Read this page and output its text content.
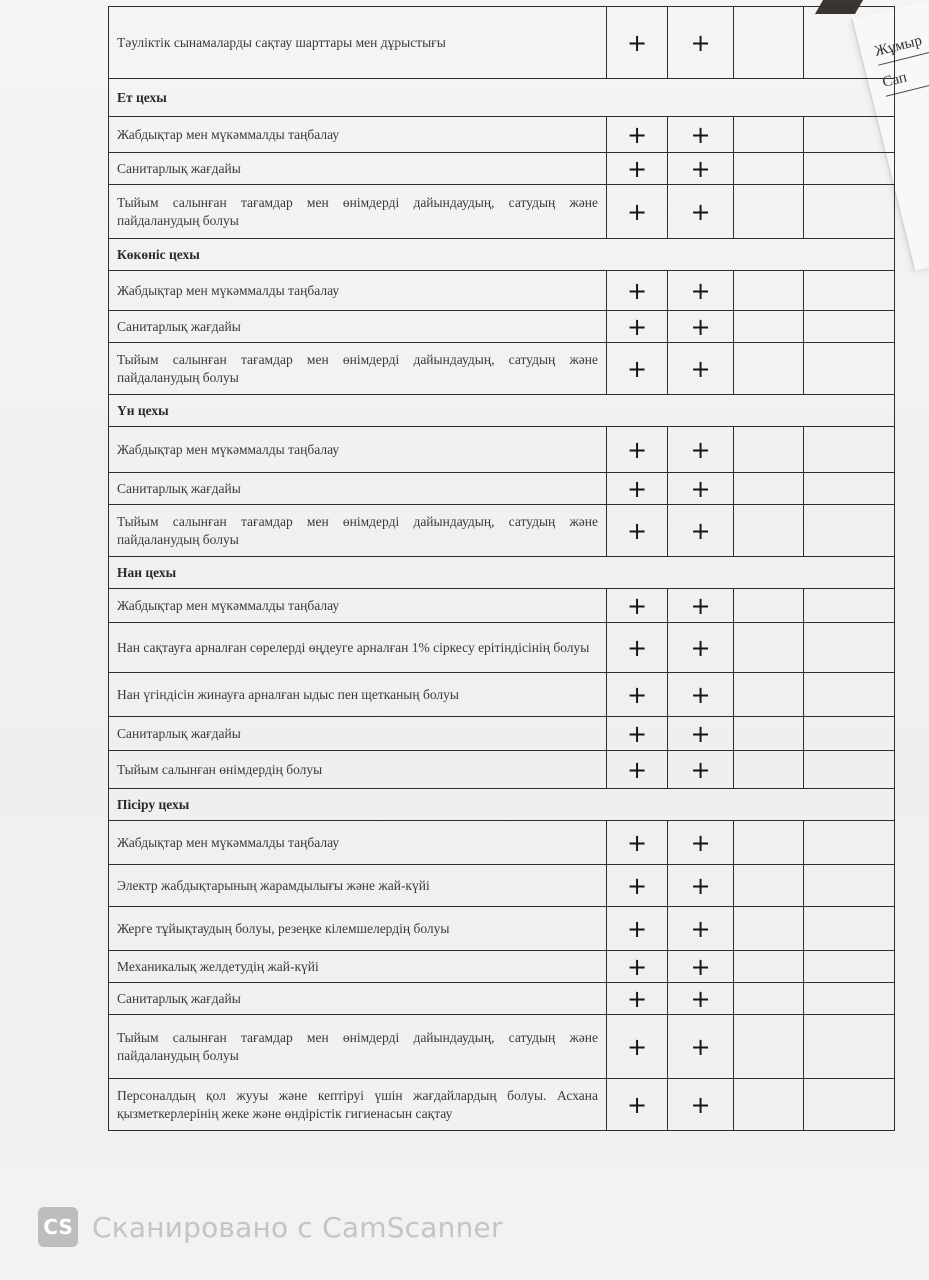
Жұмыр
Сап
Тәуліктік сынамаларды сақтау шарттары мен дұрыстығы	+	+		
Ет цехы				
Жабдықтар мен мүкәммалды таңбалау	+	+		
Санитарлық жағдайы	+	+		
Тыйым салынған тағамдар мен өнімдерді дайындаудың, сатудың және пайдаланудың болуы	+	+		
Көкөніс цехы				
Жабдықтар мен мүкәммалды таңбалау	+	+		
Санитарлық жағдайы	+	+		
Тыйым салынған тағамдар мен өнімдерді дайындаудың, сатудың және пайдаланудың болуы	+	+		
Үн цехы				
Жабдықтар мен мүкәммалды таңбалау	+	+		
Санитарлық жағдайы	+	+		
Тыйым салынған тағамдар мен өнімдерді дайындаудың, сатудың және пайдаланудың болуы	+	+		
Нан цехы				
Жабдықтар мен мүкәммалды таңбалау	+	+		
Нан сақтауға арналған сөрелерді өңдеуге арналған 1% сіркесу ерітіндісінің болуы	+	+		
Нан үгіндісін жинауға арналған ыдыс пен щетканың болуы	+	+		
Санитарлық жағдайы	+	+		
Тыйым салынған өнімдердің болуы	+	+		
Пісіру цехы				
Жабдықтар мен мүкәммалды таңбалау	+	+		
Электр жабдықтарының жарамдылығы және жай-күйі	+	+		
Жерге тұйықтаудың болуы, резеңке кілемшелердің болуы	+	+		
Механикалық желдетудің жай-күйі	+	+		
Санитарлық жағдайы	+	+		
Тыйым салынған тағамдар мен өнімдерді дайындаудың, сатудың және пайдаланудың болуы	+	+		
Персоналдың қол жууы және кептіруі үшін жағдайлардың болуы. Асхана қызметкерлерінің жеке және өндірістік гигиенасын сақтау	+	+		
CS Сканировано с CamScanner
